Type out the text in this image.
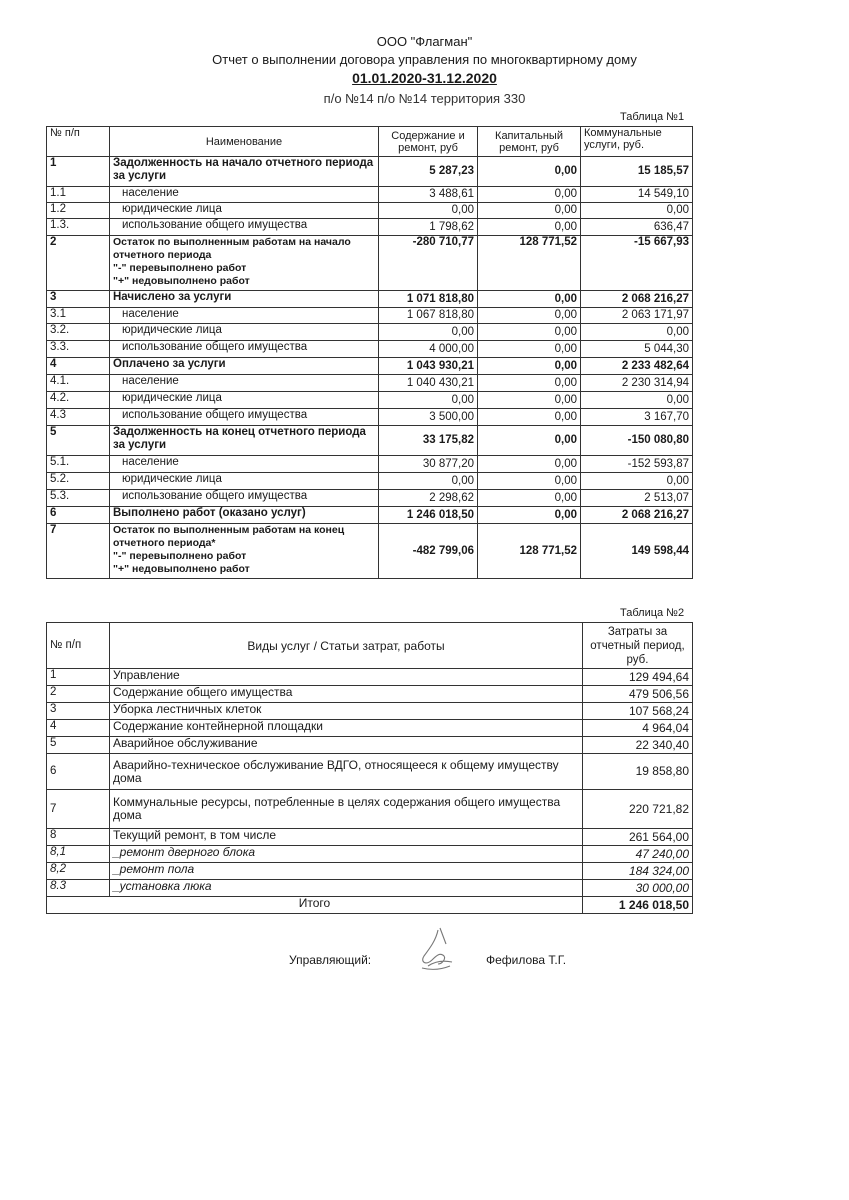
ООО "Флагман"
Отчет о выполнении договора управления по многоквартирному дому
01.01.2020-31.12.2020
п/о №14 п/о №14 территория 330
Таблица №1
№ п/п	Наименование	Содержание и ремонт, руб	Капитальный ремонт, руб	Коммунальные услуги, руб.
1	Задолженность на начало отчетного периода за услуги	5 287,23	0,00	15 185,57
1.1	население	3 488,61	0,00	14 549,10
1.2	юридические лица	0,00	0,00	0,00
1.3.	использование общего имущества	1 798,62	0,00	636,47
2	Остаток по выполненным работам на начало отчетного периода
"-" перевыполнено работ
"+" недовыполнено работ	-280 710,77	128 771,52	-15 667,93
3	Начислено за услуги	1 071 818,80	0,00	2 068 216,27
3.1	население	1 067 818,80	0,00	2 063 171,97
3.2.	юридические лица	0,00	0,00	0,00
3.3.	использование общего имущества	4 000,00	0,00	5 044,30
4	Оплачено за услуги	1 043 930,21	0,00	2 233 482,64
4.1.	население	1 040 430,21	0,00	2 230 314,94
4.2.	юридические лица	0,00	0,00	0,00
4.3	использование общего имущества	3 500,00	0,00	3 167,70
5	Задолженность на конец отчетного периода за услуги	33 175,82	0,00	-150 080,80
5.1.	население	30 877,20	0,00	-152 593,87
5.2.	юридические лица	0,00	0,00	0,00
5.3.	использование общего имущества	2 298,62	0,00	2 513,07
6	Выполнено работ (оказано услуг)	1 246 018,50	0,00	2 068 216,27
7	Остаток по выполненным работам на конец отчетного периода*
"-" перевыполнено работ
"+" недовыполнено работ	-482 799,06	128 771,52	149 598,44
Таблица №2
№ п/п	Виды услуг / Статьи затрат, работы	Затраты за отчетный период, руб.
1	Управление	129 494,64
2	Содержание общего имущества	479 506,56
3	Уборка лестничных клеток	107 568,24
4	Содержание контейнерной площадки	4 964,04
5	Аварийное обслуживание	22 340,40
6	Аварийно-техническое обслуживание ВДГО, относящееся к общему имуществу дома	19 858,80
7	Коммунальные ресурсы, потребленные в целях содержания общего имущества дома	220 721,82
8	Текущий ремонт, в том числе	261 564,00
8,1	_ремонт дверного блока	47 240,00
8,2	_ремонт пола	184 324,00
8.3	_установка люка	30 000,00
Итого		1 246 018,50
Управляющий:	Фефилова Т.Г.
